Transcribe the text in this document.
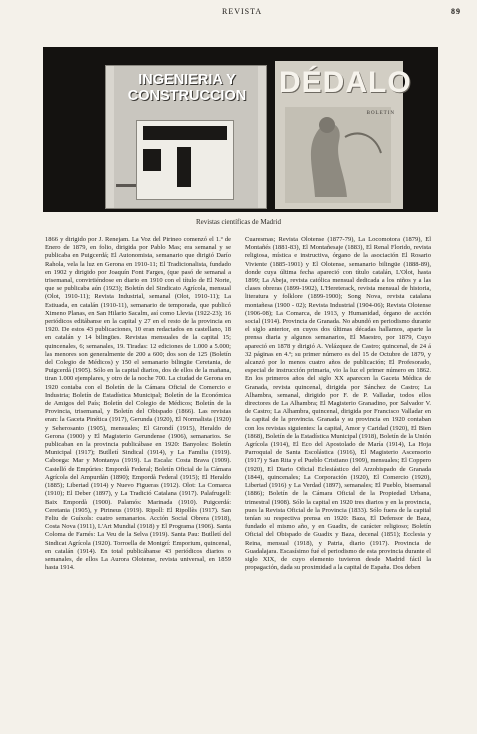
REVISTA	89
INGENIERIA Y
CONSTRUCCION	DÉDALO
BOLETIN
Revistas científicas de Madrid

1866 y dirigido por J. Renejam. La Voz del Pirineo comenzó el 1.º de Enero de 1879, en folio, dirigida por Pablo Mas; era semanal y se publicaba en Puigcerdá; El Autonomista, semanario que dirigió Darío Rahola, vela la luz en Gerona en 1910-11; El Tradicionalista, fundado en 1902 y dirigido por Joaquín Font Farges, (que pasó de semanal a trisemanal, convirtiéndose en diario en 1910 con el título de El Norte, que se publicaba aún (1923); Boletín del Sindicato Agrícola, mensual (Olot, 1910-11); Revista Industrial, semanal (Olot, 1910-11); La Estiuada, en catalán (1910-11), semanario de temporada, que publicó Ximeno Planas, en San Hilario Sacalm, así como Llevia (1922-23); 16 periódicos editábanse en la capital y 27 en el resto de la provincia en 1920. De estos 43 publicaciones, 10 eran redactados en castellano, 18 en catalán y 14 bilingües. Revistas mensuales de la capital 15; quincenales, 6; semanales, 19. Tiradas: 12 ediciones de 1.000 a 5.000; las menores son generalmente de 200 a 600; dos son de 125 (Boletín del Colegio de Médicos) y 150 el semanario bilingüe Ceretania, de Puigcerdá (1905). Sólo en la capital diarios, dos de ellos de la mañana, tiran 1.000 ejemplares, y otro de la noche 700. La ciudad de Gerona en 1920 contaba con el Boletín de la Cámara Oficial de Comercio e Industria; Boletín de Estadística Municipal; Boletín de la Económica de Amigos del País; Boletín del Colegio de Médicos; Boletín de la Provincia, trisemanal, y Boletín del Obispado (1866). Las revistas eran: la Gaceta Pinética (1917), Gerunda (1920), El Normalista (1920) y Seherosanto (1905), mensuales; El Girondí (1915), Heraldo de Gerona (1900) y El Magisterio Gerundense (1906), semanarios. Se publicaban en la provincia publicábase en 1920: Banyoles: Boletín Municipal (1917); Butlletí Sindical (1914), y La Familia (1919). Caboega: Mar y Montanya (1919). La Escala: Costa Brava (1909). Castelló de Empúries: Empordà Federal; Boletín Oficial de la Cámara Agrícola del Ampurdán (1890); Empordà Federal (1915); El Heraldo (1885); Libertad (1914) y Nuevo Figueras (1912). Olot: La Comarca (1910); El Deber (1897), y La Tradició Catalana (1917). Palafrugell: Baix Empordà (1900). Palamós: Marinada (1910). Puigcerdá: Ceretania (1905), y Pirineus (1919). Ripoll: El Ripollès (1917). San Feliu de Guíxols: cuatro semanarios. Acción Social Obrera (1918), Costa Nova (1911), L'Art Mundial (1918) y El Programa (1906). Santa Coloma de Farnés: La Veu de la Selva (1919). Santa Pau: Butlletí del Sindicat Agrícola (1920). Torroella de Montgrí: Emporium, quincenal, en catalán (1914). En total publicábanse 43 periódicos diarios o semanales, de ellos La Aurora Olotense, revista universal, en 1859 hasta 1914.

Cuaresmas; Revista Olotense (1877-79), La Locomotora (1879), El Montañés (1881-83), El Montañesaje (1883), El Renal Florido, revista religiosa, mística e instructiva, órgano de la asociación El Rosario Viviente (1885-1901) y El Olotense, semanario bilingüe (1888-89), donde cuya última fecha apareció con título catalán, L'Olot, hasta 1899; La Abeja, revista católica mensual dedicada a los niños y a las clases obreras (1899-1902), L'Hereterack, revista mensual de historia, literatura y folklore (1899-1900); Song Nova, revista catalana montañesa (1900 - 02); Revista Industrial (1904-06); Revista Olotense (1906-08); La Comarca, de 1913, y Humanidad, órgano de acción social (1914). Provincia de Granada. No abundó en periodismo durante el siglo anterior, en cuyos dos últimas décadas hallamos, aparte la prensa diaria y algunos semanarios, El Maestro, por 1879, Cuyo apareció en 1878 y dirigió A. Velázquez de Castro; quincenal, de 24 á 32 páginas en 4.º; su primer número es del 15 de Octubre de 1879, y alcanzó por lo menos cuatro años de publicación; El Profesorado, especial de instrucción primaria, vio la luz el primer número en 1862. En los primeros años del siglo XX aparecen la Gaceta Médica de Granada, revista quincenal, dirigida por Sánchez de Castro; La Alhambra, semanal, dirigido por F. de P. Valladar, todos ellos directores de La Alhambra; El Magisterio Granadino, por Salvador V. de Castro; La Alhambra, quincenal, dirigida por Francisco Valladar en la capital de la provincia. Granada y su provincia en 1920 contaban con los revistas siguientes: la capital, Amor y Caridad (1920), El Bien (1868), Boletín de la Estadística Municipal (1918), Boletín de la Unión Agrícola (1914), El Eco del Apostolado de María (1914), La Hoja Parroquial de Santa Escolástica (1916), El Magisterio Ascensorio (1917) y San Rita y el Pueblo Cristiano (1909), mensuales; El Coppero (1920), El Diario Oficial Eclesiástico del Arzobispado de Granada (1844), quincenales; La Corporación (1920), El Comercio (1920), Libertad (1916) y La Verdad (1897), semanales; El Pueblo, bisemanal (1886); Boletín de la Cámara Oficial de la Propiedad Urbana, trimestral (1908). Sólo la capital en 1920 tres diarios y en la provincia, pues la Revista Oficial de la Provincia (1833). Sólo fuera de la capital tenían su respectiva prensa en 1920: Baza, El Defensor de Baza, fundado el mismo año, y en Guadix, de carácter religioso; Boletín Oficial del Obispado de Guadix y Baza, decenal (1851); Ecclesia y Reina, mensual (1918), y Patria, diario (1917). Provincia de Guadalajara. Escasísimo fué el periodismo de esta provincia durante el siglo XIX, de cuyo elemento tuvieron desde Madrid fácil la propagación, dada su proximidad a la capital de España. Dos deben
